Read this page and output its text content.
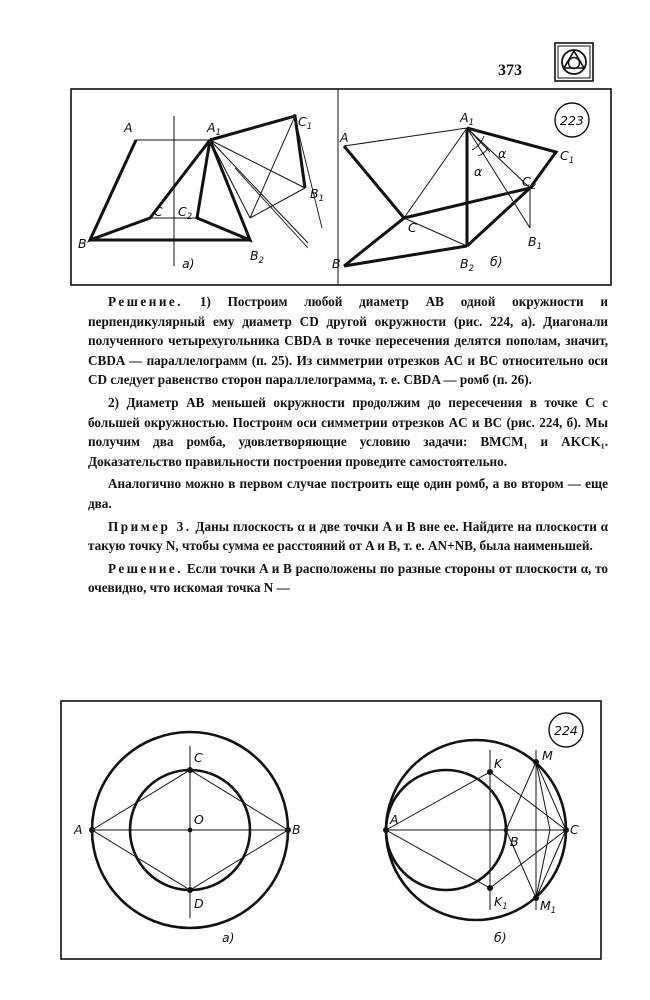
373
A	$A_1$
$C_1$
$B_1$
C $C_2$
B
$B_2$
а)
223
A
$A_1$
$C_1$
$C_2$
$B_1$
C
B	$B_2$
α
α
б)

Решение. 1) Построим любой диаметр AB одной окружности и перпендикулярный ему диаметр CD другой окружности (рис. 224, а). Диагонали полученного четырехугольника CBDA в точке пересечения делятся пополам, значит, CBDA — параллелограмм (п. 25). Из симметрии отрезков AC и BC относительно оси CD следует равенство сторон параллелограмма, т. е. CBDA — ромб (п. 26).

2) Диаметр AB меньшей окружности продолжим до пересечения в точке C с большей окружностью. Построим оси симметрии отрезков AC и BC (рис. 224, б). Мы получим два ромба, удовлетворяющие условию задачи: BMCM₁ и AKCK₁. Доказательство правильности построения проведите самостоятельно.

Аналогично можно в первом случае построить еще один ромб, а во втором — еще два.

Пример 3. Даны плоскость α и две точки A и B вне ее. Найдите на плоскости α такую точку N, чтобы сумма ее расстояний от A и B, т. е. AN+NB, была наименьшей.

Решение. Если точки A и B расположены по разные стороны от плоскости α, то очевидно, что искомая точка N —

A	B
C
O
D
а)
224
A
B
C
K
$K_1$
M
$M_1$
б)
